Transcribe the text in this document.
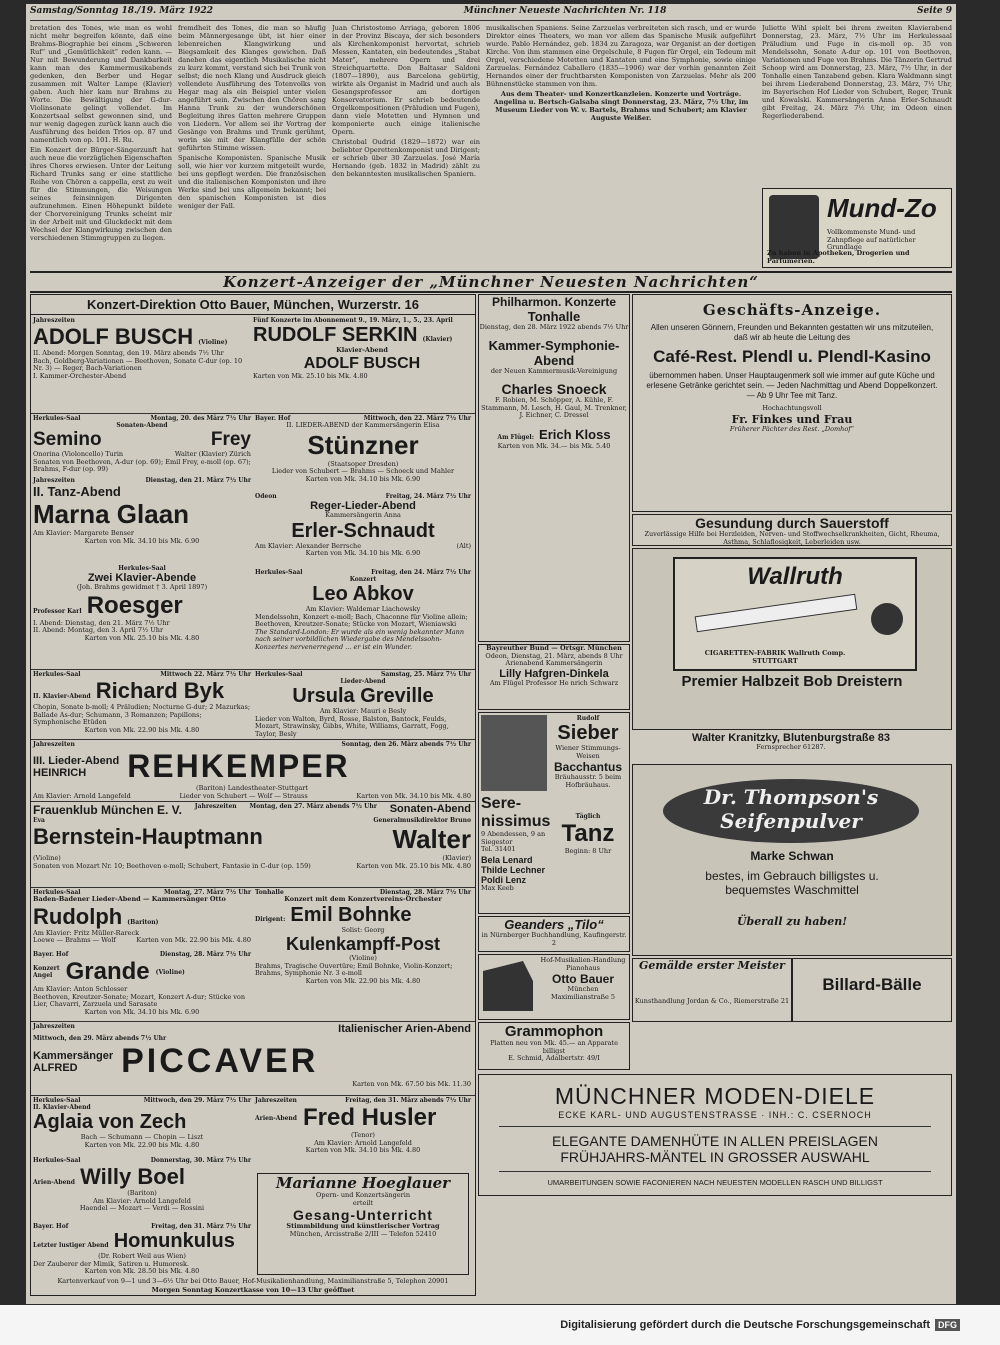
Samstag/Sonntag 18./19. März 1922	Münchner Neueste Nachrichten Nr. 118	Seite 9

bretation des Tones, wie man es wohl nicht mehr begreifen könnte, daß eine Brahms-Biographie bei einem „Schweren Ruf“ und „Gemütlichkeit“ reden kann. — Nur mit Bewunderung und Dankbarkeit kann man des Kammermusikabends gedenken, den Berber und Hegar zusammen mit Walter Lampe (Klavier) gaben. Auch hier kam nur Brahms zu Worte. Die Bewältigung der G-dur-Violinsonate gelingt vollendet. Im Konzertsaal selbst gewonnen sind, und nur wenig dagegen zurück kann auch die Ausführung des beiden Trios op. 87 und namentlich von op. 101. H. Ru.

Ein Konzert der Bürger-Sängerzunft hat auch neue die vorzüglichen Eigenschaften ihres Chores erwiesen. Unter der Leitung Richard Trunks sang er eine stattliche Reihe von Chören a cappella, erst zu weit für die Stimmungen, die Weisungen seines feinsinnigen Dirigenten aufzunehmen. Einen Höhepunkt bildete der Chorvereinigung Trunks scheint mir in der Arbeit mit und Gluckdeckt mit dem Wechsel der Klangwirkung zwischen den verschiedenen Stimmgruppen zu liegen.

fremdheit des Tones, die man so häufig beim Männergesange übt, ist hier einer lebenreichen Klangwirkung und Biegsamkeit des Klanges gewichen. Daß daneben das eigentlich Musikalische nicht zu kurz kommt, verstand sich bei Trunk von selbst; die noch Klang und Ausdruck gleich vollendete Ausführung des Totenvolks von Hegar mag als ein Beispiel unter vielen angeführt sein. Zwischen den Chören sang Hanna Trunk zu der wunderschönen Begleitung ihres Gatten mehrere Gruppen von Liedern. Vor allem sei ihr Vortrag der Gesänge von Brahms und Trunk gerühmt, worin sie mit der Klangfülle der schön geführten Stimme wissen.

Spanische Komponisten. Spanische Musik soll, wie hier vor kurzem mitgeteilt wurde, bei uns gepflegt werden. Die französischen und die italienischen Komponisten und ihre Werke sind bei uns allgemein bekannt; bei den spanischen Komponisten ist dies weniger der Fall.

Juan Christostomo Arriaga, geboren 1806 in der Provinz Biscaya, der sich besonders als Kirchenkomponist hervortat, schrieb Messen, Kantaten, ein bedeutendes „Stabat Mater“, mehrere Opern und drei Streichquartette. Don Baltasar Saldoni (1807—1890), aus Barcelona gebürtig, wirkte als Organist in Madrid und auch als Gesangsprofessor am dortigen Konservatorium. Er schrieb bedeutende Orgelkompositionen (Präludien und Fugen), dann viele Motetten und Hymnen und komponierte auch einige italienische Opern.

Christobal Oudrid (1829—1872) war ein beliebter Operettenkomponist und Dirigent; er schrieb über 30 Zarzuelas. José María Hernando (geb. 1832 in Madrid) zählt zu den bekanntesten musikalischen Spaniern.

musikalischen Spaniens. Seine Zarzuelas verbreiteten sich rasch, und er wurde Direktor eines Theaters, wo man vor allem das Spanische Musik aufgeführt wurde. Pablo Hernández, geb. 1834 zu Zaragoza, war Organist an der dortigen Kirche. Von ihm stammen eine Orgelschule, 8 Fugen für Orgel, ein Tedeum mit Orgel, verschiedene Motetten und Kantaten und eine Symphonie, sowie einige Zarzuelas. Fernández Caballero (1835—1906) war der vorhin genannten Zeit Hernandos einer der fruchtbarsten Komponisten von Zarzuelas. Mehr als 200 Bühnenstücke stammen von ihm.

Aus dem Theater- und Konzertkanzleien. Konzerte und Vorträge. Angelina u. Bertsch-Galsaba singt Donnerstag, 23. März, 7½ Uhr, im Museum Lieder von W. v. Bartels, Brahms und Schubert; am Klavier Auguste Weißer.

Juliette Wihl spielt bei ihrem zweiten Klavierabend Donnerstag, 23. März, 7½ Uhr im Herkulessaal Präludium und Fuge in cis-moll op. 35 von Mendelssohn, Sonate A-dur op. 101 von Beethoven, Variationen und Fuge von Brahms. Die Tänzerin Gertrud Schoop wird am Donnerstag, 23. März, 7½ Uhr, in der Tonhalle einen Tanzabend geben. Klara Waldmann singt bei ihrem Liederabend Donnerstag, 23. März, 7½ Uhr, im Bayerischen Hof Lieder von Schubert, Reger, Trunk und Kowalski. Kammersängerin Anna Erler-Schnaudt gibt Freitag, 24. März 7½ Uhr, im Odeon einen Regerliederabend.

Mund-Zo
Vollkommenste Mund- und Zahnpflege auf natürlicher Grundlage
Zu haben in Apotheken, Drogerien und Parfümerien.
Konzert-Anzeiger der „Münchner Neuesten Nachrichten“
Konzert-Direktion Otto Bauer, München, Wurzerstr. 16
Jahreszeiten
ADOLF BUSCH (Violine)
II. Abend: Morgen Sonntag, den 19. März abends 7½ Uhr
Bach, Goldberg-Variationen — Beethoven, Sonate C-dur (op. 10 Nr. 3) — Reger, Bach-Variationen
I. Kammer-Orchester-Abend
Fünf Konzerte im Abonnement 9., 19. März, 1., 5., 23. April
RUDOLF SERKIN (Klavier)
Klavier-Abend
ADOLF BUSCH
Karten von Mk. 25.10 bis Mk. 4.80
Herkules-Saal	Montag, 20. des März 7½ Uhr
Sonaten-Abend
Semino	Frey
Onorina (Violoncello) Turin	Walter (Klavier) Zürich
Sonaten von Beethoven, A-dur (op. 69); Emil Frey, e-moll (op. 67); Brahms, F-dur (op. 99)
Jahreszeiten	Dienstag, den 21. März 7½ Uhr
II. Tanz-Abend
Marna Glaan
Am Klavier: Margarete Benser
Karten von Mk. 34.10 bis Mk. 6.90
Herkules-Saal
Zwei Klavier-Abende
(Joh. Brahms gewidmet † 3. April 1897)
Professor Karl Roesger
I. Abend: Dienstag, den 21. März 7½ Uhr
II. Abend: Montag, den 3. April 7½ Uhr
Karten von Mk. 25.10 bis Mk. 4.80
Bayer. Hof	Mittwoch, den 22. März 7½ Uhr
II. LIEDER-ABEND der Kammersängerin Elisa
Stünzner
(Staatsoper Dresden)
Lieder von Schubert — Brahms — Schoeck und Mahler
Karten von Mk. 34.10 bis Mk. 6.90
Odeon	Freitag, 24. März 7½ Uhr
Reger-Lieder-Abend
Kammersängerin Anna
Erler-Schnaudt
Am Klavier: Alexander Berrsche	(Alt)
Karten von Mk. 34.10 bis Mk. 6.90
Herkules-Saal	Freitag, den 24. März 7½ Uhr
Konzert
Leo Abkov
Am Klavier: Waldemar Liachowsky
Mendelssohn, Konzert e-moll; Bach, Chaconne für Violine allein; Beethoven, Kreutzer-Sonate; Stücke von Mozart, Wieniawski
The Standard-London: Er wurde als ein wenig bekannter Mann nach seiner vorbildlichen Wiedergabe des Mendelssohn-Konzertes nervenerregend ... er ist ein Wunder.
Herkules-Saal	Mittwoch 22. März 7½ Uhr
II. Klavier-Abend Richard Byk
Chopin, Sonate b-moll; 4 Präludien; Nocturne G-dur; 2 Mazurkas; Ballade As-dur; Schumann, 3 Romanzen; Papillons; Symphonische Etüden
Karten von Mk. 22.90 bis Mk. 4.80
Herkules-Saal	Samstag, 25. März 7½ Uhr
Lieder-Abend
Ursula Greville
Am Klavier: Mauri e Besly
Lieder von Walton, Byrd, Rosse, Balston, Bantock, Feulds, Mozart, Strawinsky, Gibbs, White, Williams, Garratt, Fogg, Taylor, Besly
Jahreszeiten	Sonntag, den 26. März abends 7½ Uhr
III. Lieder-Abend
HEINRICH	REHKEMPER
(Bariton) Landestheater-Stuttgart
Am Klavier: Arnold Langefeld	Lieder von Schubert — Wolf — Strauss	Karten von Mk. 34.10 bis Mk. 4.80
Frauenklub München E. V. Jahreszeiten Montag, den 27. März abends 7½ Uhr Sonaten-Abend
Eva	Generalmusikdirektor Bruno
Bernstein-Hauptmann	Walter
(Violine)	(Klavier)
Sonaten von Mozart Nr. 10; Beethoven e-moll; Schubert, Fantasie in C-dur (op. 159)	Karten von Mk. 25.10 bis Mk. 4.80
Herkules-Saal	Montag, 27. März 7½ Uhr
Baden-Badener Lieder-Abend — Kammersänger Otto
Rudolph (Bariton)
Am Klavier: Fritz Müller-Rareck
Loewe — Brahms — Wolf	Karten von Mk. 22.90 bis Mk. 4.80
Bayer. Hof	Dienstag, 28. März 7½ Uhr
Konzert
Angel Grande (Violine)
Am Klavier: Anton Schlosser
Beethoven, Kreutzer-Sonate; Mozart, Konzert A-dur; Stücke von Lier, Chavarri, Zarzuela und Sarasate
Karten von Mk. 34.10 bis Mk. 6.90
Tonhalle	Dienstag, 28. März 7½ Uhr
Konzert mit dem Konzertvereins-Orchester
Dirigent: Emil Bohnke
Solist: Georg
Kulenkampff-Post
(Violine)
Brahms, Tragische Ouvertüre; Emil Bohnke, Violin-Konzert; Brahms, Symphonie Nr. 3 e-moll
Karten von Mk. 22.90 bis Mk. 4.80
Jahreszeiten	Italienischer Arien-Abend
Mittwoch, den 29. März abends 7½ Uhr
Kammersänger
ALFRED	PICCAVER
Karten von Mk. 67.50 bis Mk. 11.30
Herkules-Saal	Mittwoch, den 29. März 7½ Uhr
II. Klavier-Abend
Aglaia von Zech
Bach — Schumann — Chopin — Liszt
Karten von Mk. 22.90 bis Mk. 4.80
Herkules-Saal	Donnerstag, 30. März 7½ Uhr
Arien-Abend Willy Boel
(Bariton)
Am Klavier: Arnold Langefeld
Haendel — Mozart — Verdi — Rossini
Bayer. Hof	Freitag, den 31. März 7½ Uhr
Letzter lustiger Abend Homunkulus
(Dr. Robert Weil aus Wien)
Der Zauberer der Mimik, Satiren u. Humoresk.
Karten von Mk. 28.50 bis Mk. 4.80
Jahreszeiten	Freitag, den 31. März abends 7½ Uhr
Arien-Abend Fred Husler
(Tenor)
Am Klavier: Arnold Langefeld
Karten von Mk. 34.10 bis Mk. 4.80
Marianne Hoeglauer
Opern- und Konzertsängerin
erteilt
Gesang-Unterricht
Stimmbildung und künstlerischer Vortrag
München, Arcisstraße 2/III — Telefon 52410
Kartenverkauf von 9—1 und 3—6½ Uhr bei Otto Bauer, Hof-Musikalienhandlung, Maximilianstraße 5, Telephon 20901
Morgen Sonntag Konzertkasse von 10—13 Uhr geöffnet
Philharmon. Konzerte
Tonhalle
Dienstag, den 28. März 1922 abends 7½ Uhr
Kammer-Symphonie-Abend
der Neuen Kammermusik-Vereinigung
Charles Snoeck
F. Robien, M. Schöpper, A. Kühle, F. Stammann, M. Lesch, H. Gaul, M. Trenkner, J. Eichner, C. Dressel
Am Flügel: Erich Kloss
Karten von Mk. 34.— bis Mk. 5.40
Bayreuther Bund — Ortsgr. München
Odeon, Dienstag, 21. März, abends 8 Uhr
Arienabend Kammersängerin
Lilly Hafgren-Dinkela
Am Flügel Professor He nrich Schwarz
Rudolf
Sieber
Wiener Stimmungs-Weisen
Bacchantus
Bräuhausstr. 5 beim Hofbräuhaus.
Sere-nissimus
9 Abendessen, 9 an Siegestor
Tel. 31401
Täglich
Tanz
Beginn: 8 Uhr
Bela Lenard
Thilde Lechner
Poldi Lenz
Max Keeb
Geanders „Tilo“
in Nürnberger Buchhandlung, Kaufingerstr. 2
Hof-Musikalien-Handlung Pianohaus
Otto Bauer
München Maximilianstraße 5
Grammophon
Platten neu von Mk. 45.— an Apparate billigst
E. Schmid, Adalbertstr. 49/I
Geschäfts-Anzeige.
Allen unseren Gönnern, Freunden und Bekannten gestatten wir uns mitzuteilen, daß wir ab heute die Leitung des
Café-Rest. Plendl u. Plendl-Kasino
übernommen haben. Unser Hauptaugenmerk soll wie immer auf gute Küche und erlesene Getränke gerichtet sein. — Jeden Nachmittag und Abend Doppelkonzert. — Ab 9 Uhr Tee mit Tanz.
Hochachtungsvoll
Fr. Finkes und Frau
Früherer Pächter des Rest. „Domhof“
Gesundung durch Sauerstoff
Zuverlässige Hilfe bei Herzleiden, Nerven- und Stoffwechselkrankheiten, Gicht, Rheuma, Asthma, Schlaflosigkeit, Leberleiden usw.
Wallruth
CIGARETTEN-FABRIK Wallruth Comp. STUTTGART
Premier Halbzeit Bob Dreistern
Walter Kranitzky, Blutenburgstraße 83
Fernsprecher 61287.
Dr. Thompson's Seifenpulver
Marke Schwan
bestes, im Gebrauch billigstes u. bequemstes Waschmittel
Überall zu haben!
Gemälde erster Meister
Kunsthandlung Jordan & Co., Riemerstraße 21
Billard-Bälle
MÜNCHNER MODEN-DIELE
ECKE KARL- UND AUGUSTENSTRASSE · INH.: C. CSERNOCH
ELEGANTE DAMENHÜTE IN ALLEN PREISLAGEN
FRÜHJAHRS-MÄNTEL IN GROSSER AUSWAHL
UMARBEITUNGEN SOWIE FACONIEREN NACH NEUESTEN MODELLEN RASCH UND BILLIGST
Digitalisierung gefördert durch die Deutsche Forschungsgemeinschaft DFG
